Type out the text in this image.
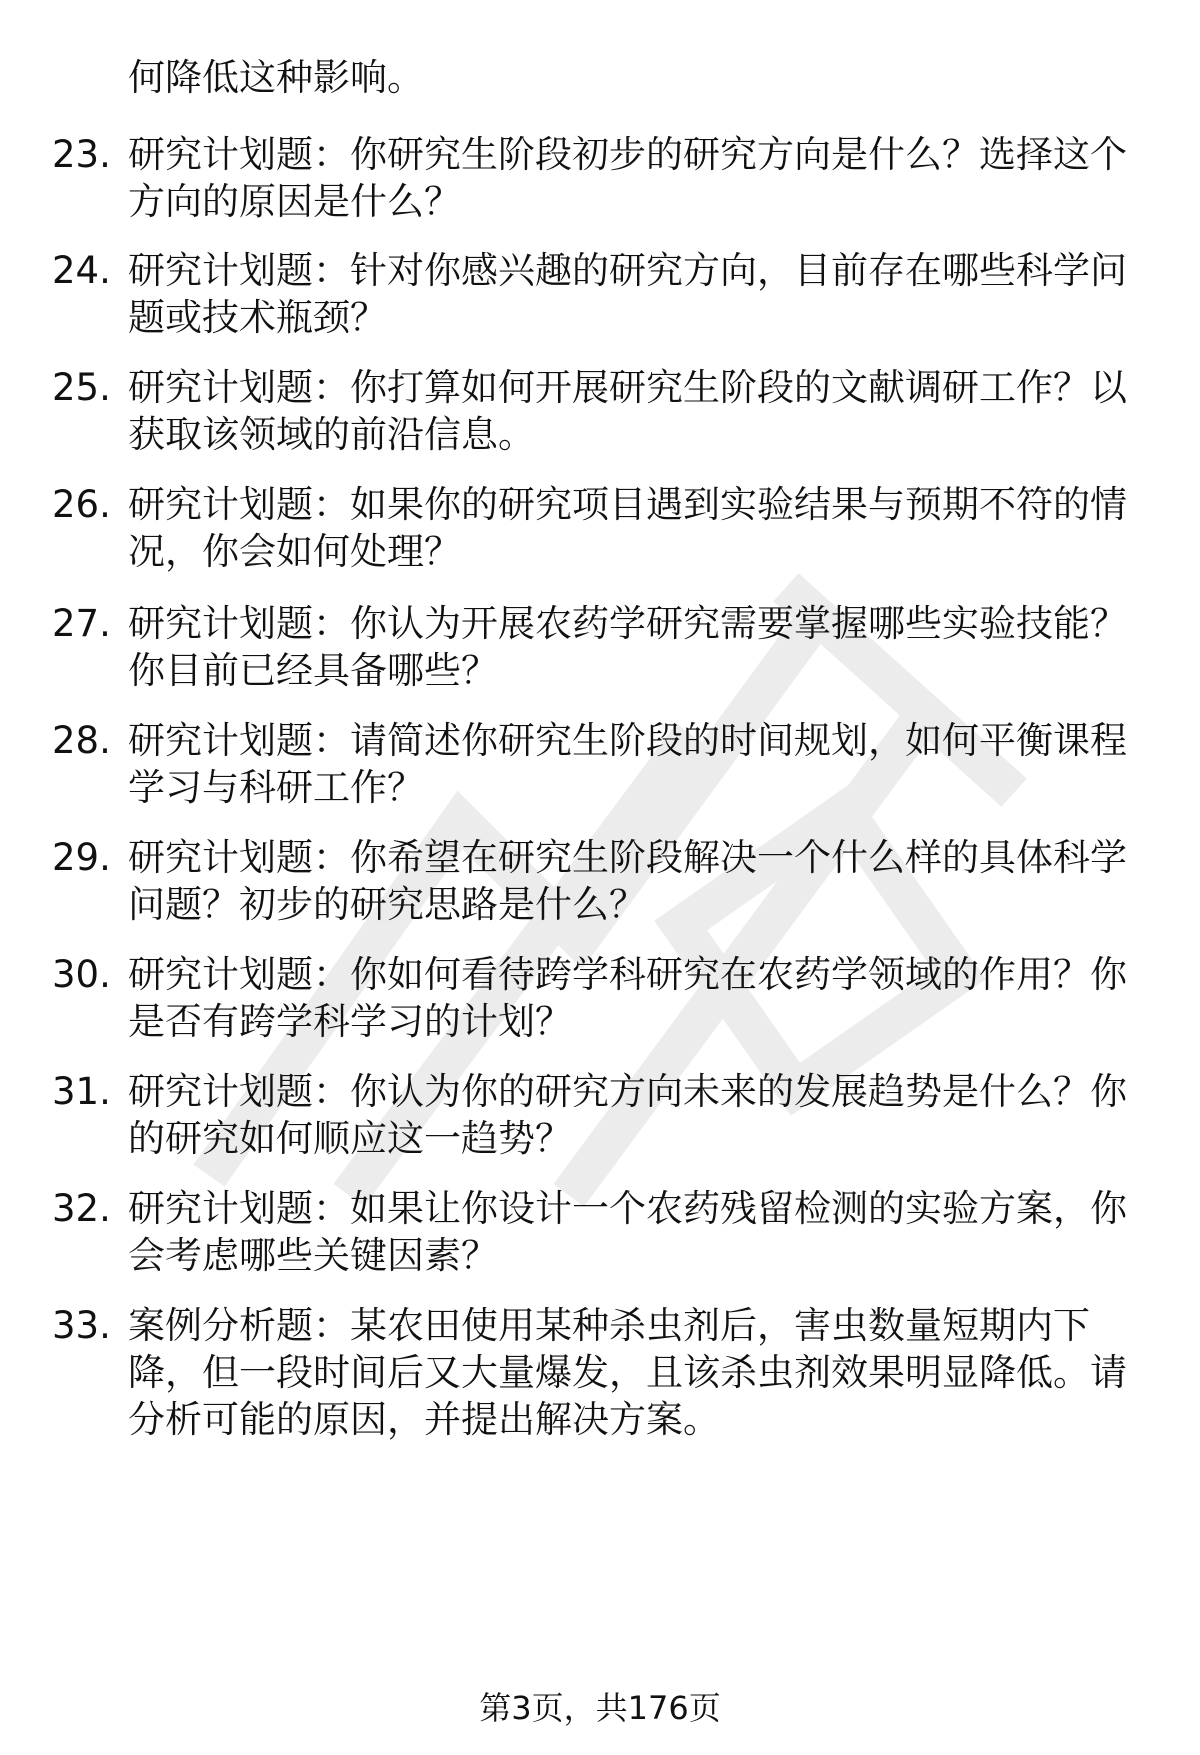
何降低这种影响。
23. 研究计划题：你研究生阶段初步的研究方向是什么？选择这个方向的原因是什么？
24. 研究计划题：针对你感兴趣的研究方向，目前存在哪些科学问题或技术瓶颈？
25. 研究计划题：你打算如何开展研究生阶段的文献调研工作？以获取该领域的前沿信息。
26. 研究计划题：如果你的研究项目遇到实验结果与预期不符的情况，你会如何处理？
27. 研究计划题：你认为开展农药学研究需要掌握哪些实验技能？你目前已经具备哪些？
28. 研究计划题：请简述你研究生阶段的时间规划，如何平衡课程学习与科研工作？
29. 研究计划题：你希望在研究生阶段解决一个什么样的具体科学问题？初步的研究思路是什么？
30. 研究计划题：你如何看待跨学科研究在农药学领域的作用？你是否有跨学科学习的计划？
31. 研究计划题：你认为你的研究方向未来的发展趋势是什么？你的研究如何顺应这一趋势？
32. 研究计划题：如果让你设计一个农药残留检测的实验方案，你会考虑哪些关键因素？
33. 案例分析题：某农田使用某种杀虫剂后，害虫数量短期内下降，但一段时间后又大量爆发，且该杀虫剂效果明显降低。请分析可能的原因，并提出解决方案。
第3页，共176页
